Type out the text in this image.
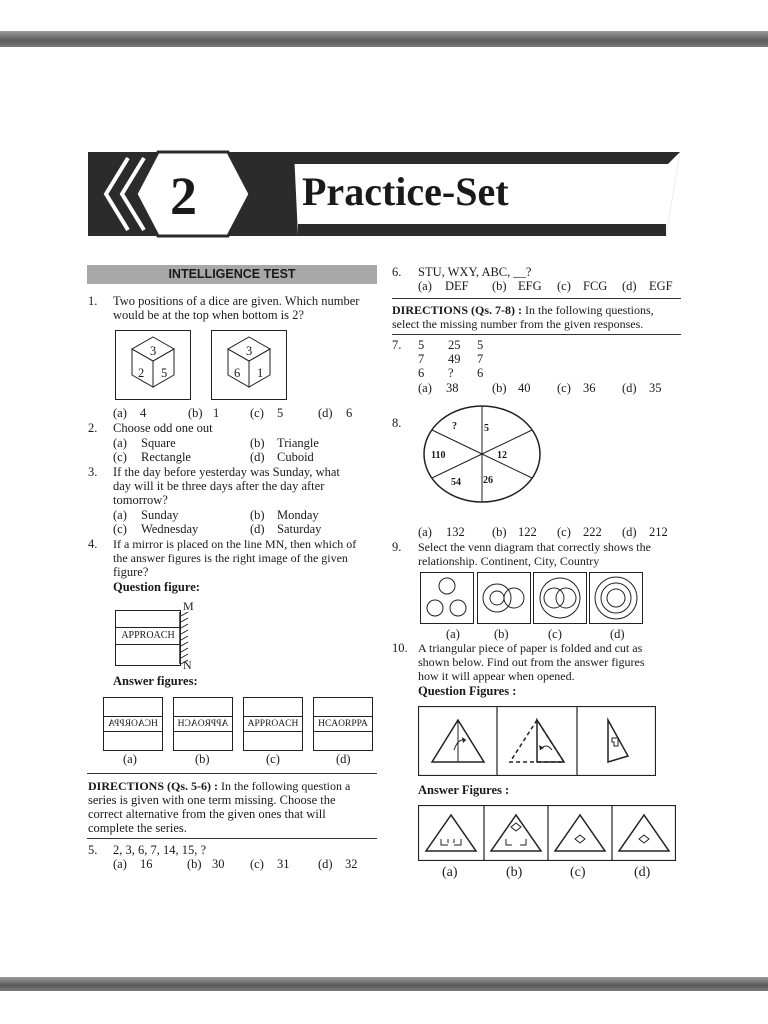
2	Practice-Set
INTELLIGENCE TEST
1. Two positions of a dice are given. Which number
would be at the top when bottom is 2?
3
2 5
3
6 1
(a) 4	(b) 1 (c) 5	(d) 6
2. Choose odd one out
(a) Square	(b) Triangle
(c) Rectangle	(d) Cuboid
3. If the day before yesterday was Sunday, what
day will it be three days after the day after
tomorrow?
(a) Sunday	(b) Monday
(c) Wednesday	(d) Saturday
4. If a mirror is placed on the line MN, then which of
the answer figures is the right image of the given
figure?
Question figure:
APPROACH
M
N
Answer figures:
HCAORPPA	APPROACH	APPROACH	HCAORPPA
(a)	(b)	(c)	(d)
DIRECTIONS (Qs. 5-6) : In the following question a
series is given with one term missing. Choose the
correct alternative from the given ones that will
complete the series.
5. 2, 3, 6, 7, 14, 15, ?
(a) 16	(b) 30 (c) 31 (d) 32
6. STU, WXY, ABC, __?
(a) DEF (b) EFG (c) FCG (d) EGF
DIRECTIONS (Qs. 7-8) : In the following questions,
select the missing number from the given responses.
7. 5 25 5
7 49 7
6 ? 6
(a) 38	(b) 40 (c) 36 (d) 35
8.	?	5
12
26
54
110
(a) 132 (b) 122 (c) 222 (d) 212
9. Select the venn diagram that correctly shows the
relationship. Continent, City, Country
(a)	(b)	(c)	(d)
10. A triangular piece of paper is folded and cut as
shown below. Find out from the answer figures
how it will appear when opened.
Question Figures :
Answer Figures :
(a)	(b)	(c)	(d)
